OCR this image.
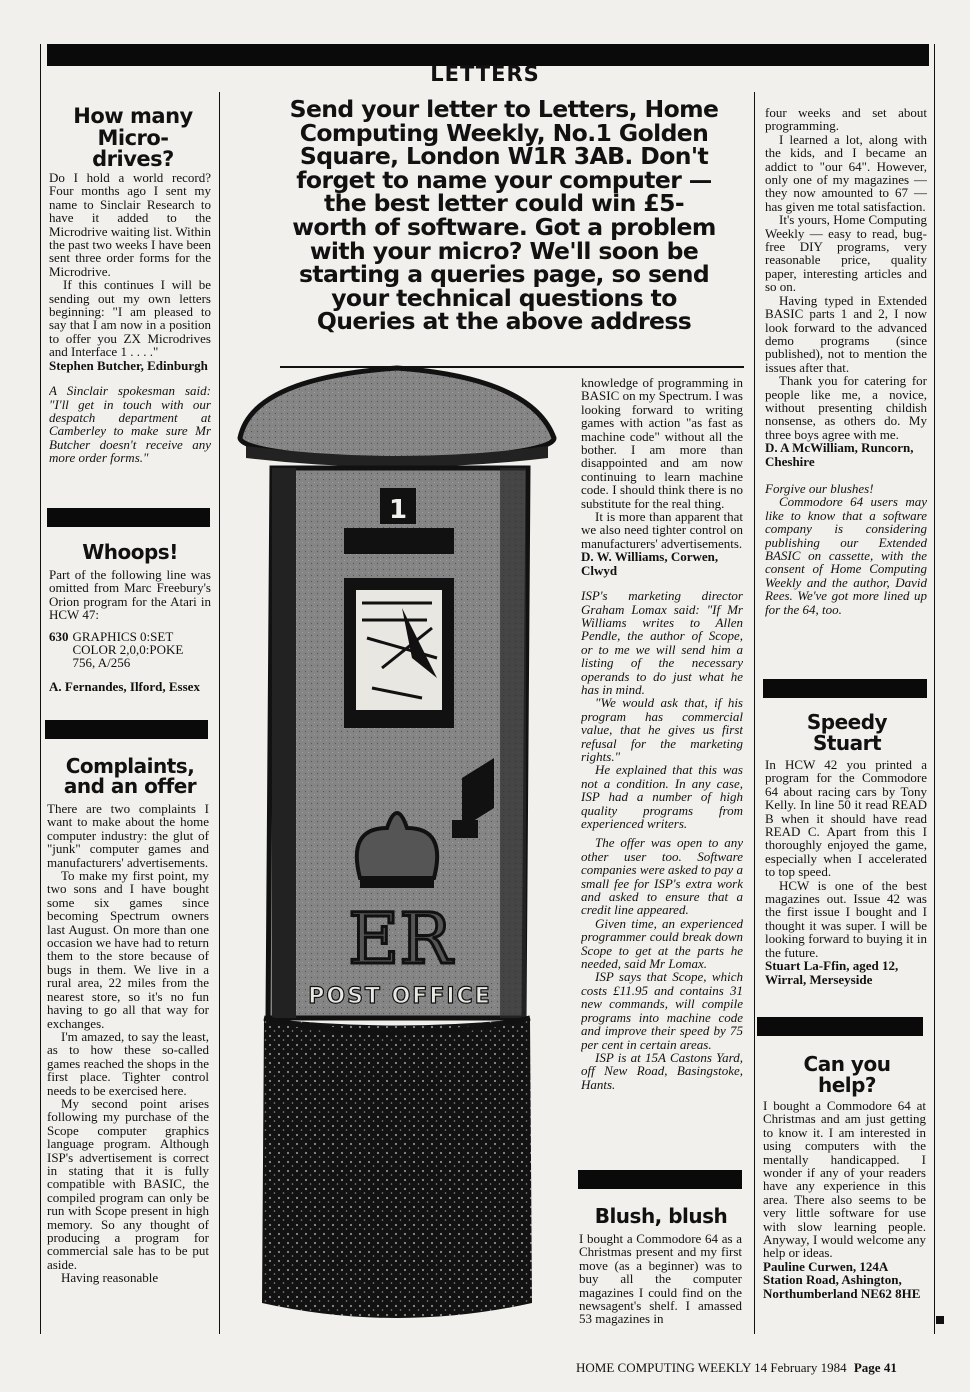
LETTERS
How many Micro-drives?

Do I hold a world record? Four months ago I sent my name to Sinclair Research to have it added to the Microdrive waiting list. Within the past two weeks I have been sent three order forms for the Microdrive.

If this continues I will be sending out my own letters beginning: "I am pleased to say that I am now in a position to offer you ZX Microdrives and Interface 1 . . . ."

Stephen Butcher, Edinburgh

A Sinclair spokesman said: "I'll get in touch with our despatch department at Camberley to make sure Mr Butcher doesn't receive any more order forms."

Whoops!

Part of the following line was omitted from Marc Freebury's Orion program for the Atari in HCW 47:

630 GRAPHICS 0:SET COLOR 2,0,0:POKE 756, A/256

A. Fernandes, Ilford, Essex

Complaints, and an offer

There are two complaints I want to make about the home computer industry: the glut of "junk" computer games and manufacturers' advertisements.

To make my first point, my two sons and I have bought some six games since becoming Spectrum owners last August. On more than one occasion we have had to return them to the store because of bugs in them. We live in a rural area, 22 miles from the nearest store, so it's no fun having to go all that way for exchanges.

I'm amazed, to say the least, as to how these so-called games reached the shops in the first place. Tighter control needs to be exercised here.

My second point arises following my purchase of the Scope computer graphics language program. Although ISP's advertisement is correct in stating that it is fully compatible with BASIC, the compiled program can only be run with Scope present in high memory. So any thought of producing a program for commercial sale has to be put aside.

Having reasonable

Send your letter to Letters, Home Computing Weekly, No.1 Golden Square, London W1R 3AB. Don't forget to name your computer — the best letter could win £5-worth of software. Got a problem with your micro? We'll soon be starting a queries page, so send your technical questions to Queries at the above address
1
ER
POST OFFICE

knowledge of programming in BASIC on my Spectrum. I was looking forward to writing games with action "as fast as machine code" without all the bother. I am more than disappointed and am now continuing to learn machine code. I should think there is no substitute for the real thing.

It is more than apparent that we also need tighter control on manufacturers' advertisements.

D. W. Williams, Corwen, Clwyd

ISP's marketing director Graham Lomax said: "If Mr Williams writes to Allen Pendle, the author of Scope, or to me we will send him a listing of the necessary operands to do just what he has in mind.

"We would ask that, if his program has commercial value, that he gives us first refusal for the marketing rights."

He explained that this was not a condition. In any case, ISP had a number of high quality programs from experienced writers.

The offer was open to any other user too. Software companies were asked to pay a small fee for ISP's extra work and asked to ensure that a credit line appeared.

Given time, an experienced programmer could break down Scope to get at the parts he needed, said Mr Lomax.

ISP says that Scope, which costs £11.95 and contains 31 new commands, will compile programs into machine code and improve their speed by 75 per cent in certain areas.

ISP is at 15A Castons Yard, off New Road, Basingstoke, Hants.

Blush, blush

I bought a Commodore 64 as a Christmas present and my first move (as a beginner) was to buy all the computer magazines I could find on the newsagent's shelf. I amassed 53 magazines in

four weeks and set about programming.

I learned a lot, along with the kids, and I became an addict to "our 64". However, only one of my magazines — they now amounted to 67 — has given me total satisfaction.

It's yours, Home Computing Weekly — easy to read, bug-free DIY programs, very reasonable price, quality paper, interesting articles and so on.

Having typed in Extended BASIC parts 1 and 2, I now look forward to the advanced demo programs (since published), not to mention the issues after that.

Thank you for catering for people like me, a novice, without presenting childish nonsense, as others do. My three boys agree with me.

D. A McWilliam, Runcorn, Cheshire

Forgive our blushes!

Commodore 64 users may like to know that a software company is considering publishing our Extended BASIC on cassette, with the consent of Home Computing Weekly and the author, David Rees. We've got more lined up for the 64, too.

Speedy Stuart

In HCW 42 you printed a program for the Commodore 64 about racing cars by Tony Kelly. In line 50 it read READ B when it should have read READ C. Apart from this I thoroughly enjoyed the game, especially when I accelerated to top speed.

HCW is one of the best magazines out. Issue 42 was the first issue I bought and I thought it was super. I will be looking forward to buying it in the future.

Stuart La-Ffin, aged 12, Wirral, Merseyside

Can you help?

I bought a Commodore 64 at Christmas and am just getting to know it. I am interested in using computers with the mentally handicapped. I wonder if any of your readers have any experience in this area. There also seems to be very little software for use with slow learning people. Anyway, I would welcome any help or ideas.

Pauline Curwen, 124A Station Road, Ashington, Northumberland NE62 8HE

HOME COMPUTING WEEKLY 14 February 1984 Page 41
